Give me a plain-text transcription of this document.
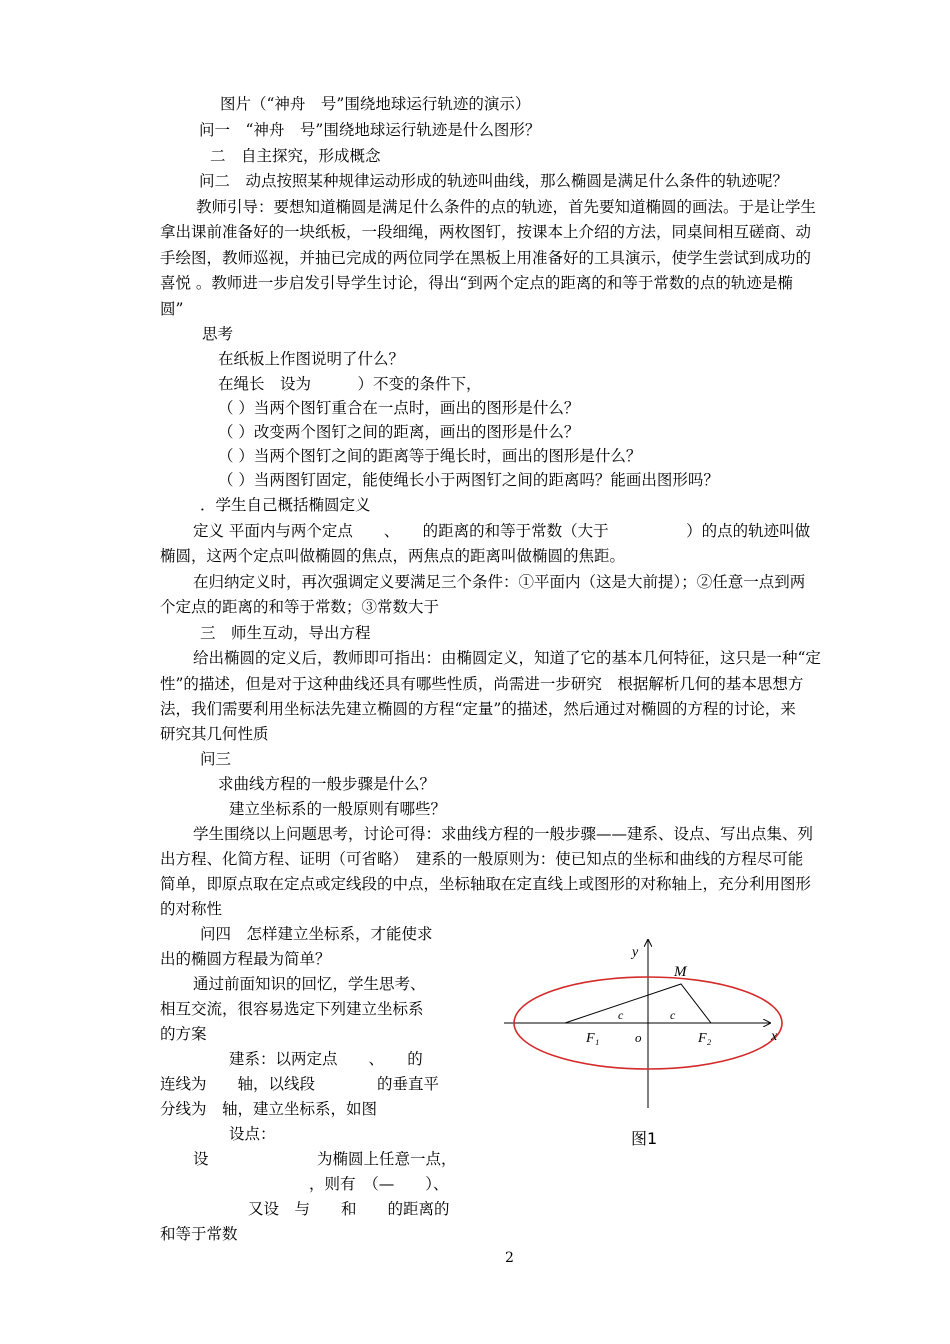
图片（“神舟　号”围绕地球运行轨迹的演示）
问一　“神舟　号”围绕地球运行轨迹是什么图形？
二　自主探究，形成概念
问二　动点按照某种规律运动形成的轨迹叫曲线，那么椭圆是满足什么条件的轨迹呢？
教师引导：要想知道椭圆是满足什么条件的点的轨迹，首先要知道椭圆的画法。于是让学生
拿出课前准备好的一块纸板，一段细绳，两枚图钉，按课本上介绍的方法，同桌间相互磋商、动
手绘图，教师巡视，并抽已完成的两位同学在黑板上用准备好的工具演示，使学生尝试到成功的
喜悦 。教师进一步启发引导学生讨论，得出“到两个定点的距离的和等于常数的点的轨迹是椭
圆”
思考
在纸板上作图说明了什么？
在绳长　设为　　　）不变的条件下，
（ ）当两个图钉重合在一点时，画出的图形是什么？
（ ）改变两个图钉之间的距离，画出的图形是什么？
（ ）当两个图钉之间的距离等于绳长时，画出的图形是什么？
（ ）当两图钉固定，能使绳长小于两图钉之间的距离吗？能画出图形吗？
．学生自己概括椭圆定义
定义 平面内与两个定点　　、　　的距离的和等于常数（大于　　　　　）的点的轨迹叫做
椭圆，这两个定点叫做椭圆的焦点，两焦点的距离叫做椭圆的焦距。
在归纳定义时，再次强调定义要满足三个条件：①平面内（这是大前提）；②任意一点到两
个定点的距离的和等于常数；③常数大于
三　师生互动，导出方程
给出椭圆的定义后，教师即可指出：由椭圆定义，知道了它的基本几何特征，这只是一种“定
性”的描述，但是对于这种曲线还具有哪些性质，尚需进一步研究　根据解析几何的基本思想方
法，我们需要利用坐标法先建立椭圆的方程“定量”的描述，然后通过对椭圆的方程的讨论，来
研究其几何性质
问三
求曲线方程的一般步骤是什么？
建立坐标系的一般原则有哪些？
学生围绕以上问题思考，讨论可得：求曲线方程的一般步骤——建系、设点、写出点集、列
出方程、化简方程、证明（可省略）　建系的一般原则为：使已知点的坐标和曲线的方程尽可能
简单，即原点取在定点或定线段的中点，坐标轴取在定直线上或图形的对称轴上，充分利用图形
的对称性
问四　怎样建立坐标系，才能使求
出的椭圆方程最为简单？
通过前面知识的回忆，学生思考、
相互交流，很容易选定下列建立坐标系
的方案
建系：以两定点　　、　　的
连线为　　轴，以线段　　　　的垂直平
分线为　轴，建立坐标系，如图
设点：
设　　　　　　　为椭圆上任意一点，
，则有　（—　　）、
又设　与　　和　　的距离的
和等于常数
y
x
M
F₁	F₂
o
c	c
图1
2
